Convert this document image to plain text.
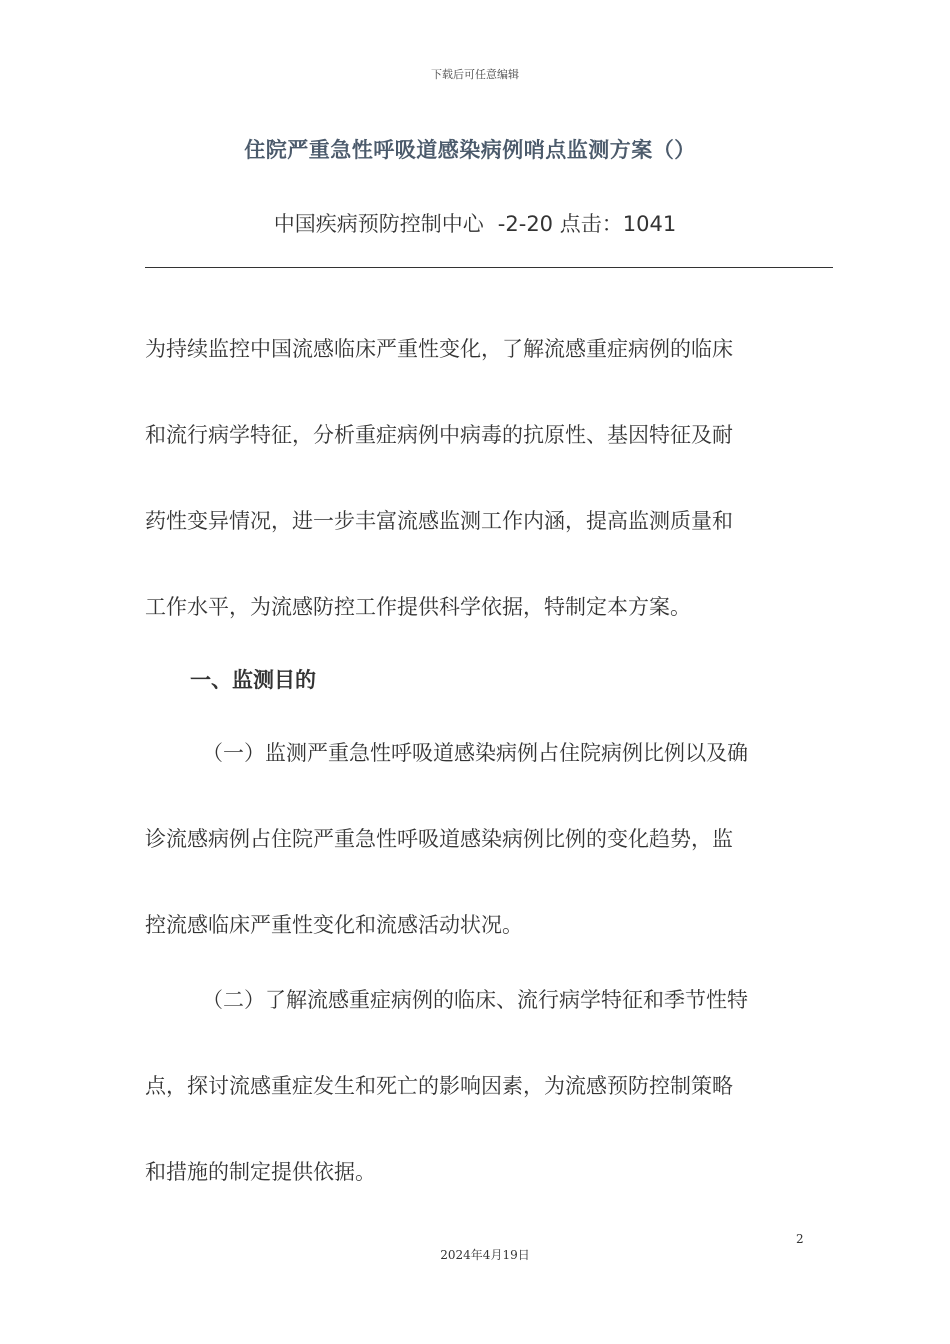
下载后可任意编辑
住院严重急性呼吸道感染病例哨点监测方案（）
中国疾病预防控制中心 -2-20 点击：1041

为持续监控中国流感临床严重性变化，了解流感重症病例的临床
和流行病学特征，分析重症病例中病毒的抗原性、基因特征及耐
药性变异情况，进一步丰富流感监测工作内涵，提高监测质量和
工作水平，为流感防控工作提供科学依据，特制定本方案。

一、监测目的

（一）监测严重急性呼吸道感染病例占住院病例比例以及确
诊流感病例占住院严重急性呼吸道感染病例比例的变化趋势，监
控流感临床严重性变化和流感活动状况。

（二）了解流感重症病例的临床、流行病学特征和季节性特
点，探讨流感重症发生和死亡的影响因素，为流感预防控制策略
和措施的制定提供依据。

2
2024年4月19日
